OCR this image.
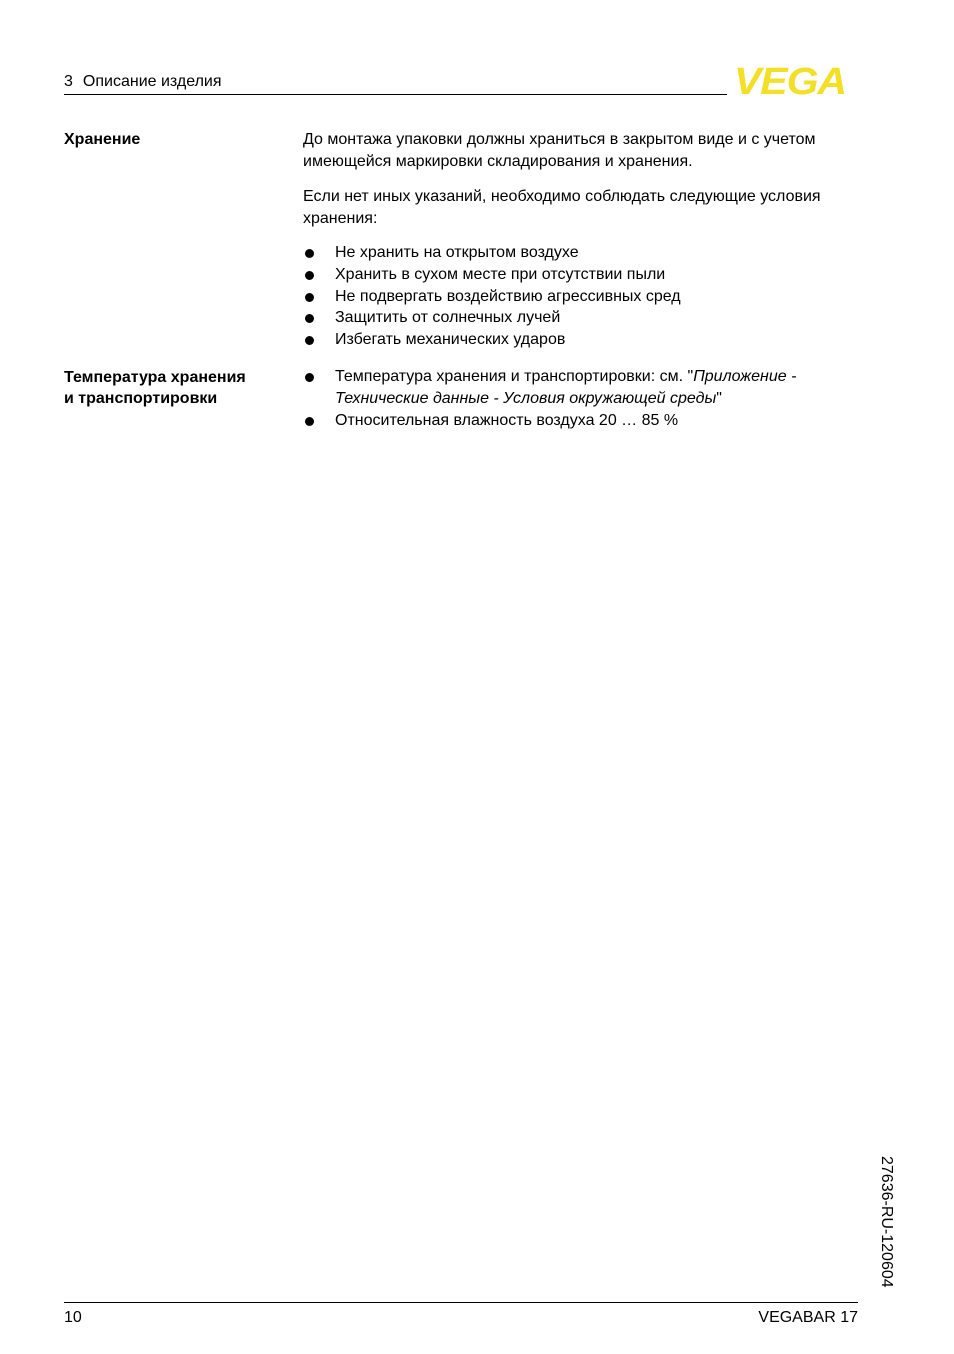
3 Описание изделия	VEGA
Хранение	До монтажа упаковки должны храниться в закрытом виде и с учетом имеющейся маркировки складирования и хранения.

Если нет иных указаний, необходимо соблюдать следующие условия хранения:

Не хранить на открытом воздухе
Хранить в сухом месте при отсутствии пыли
Не подвергать воздействию агрессивных сред
Защитить от солнечных лучей
Избегать механических ударов
Температура хранения
и транспортировки
Температура хранения и транспортировки: см. "Приложение - Технические данные - Условия окружающей среды"
Относительная влажность воздуха 20 … 85 %
27636-RU-120604
10	VEGABAR 17
